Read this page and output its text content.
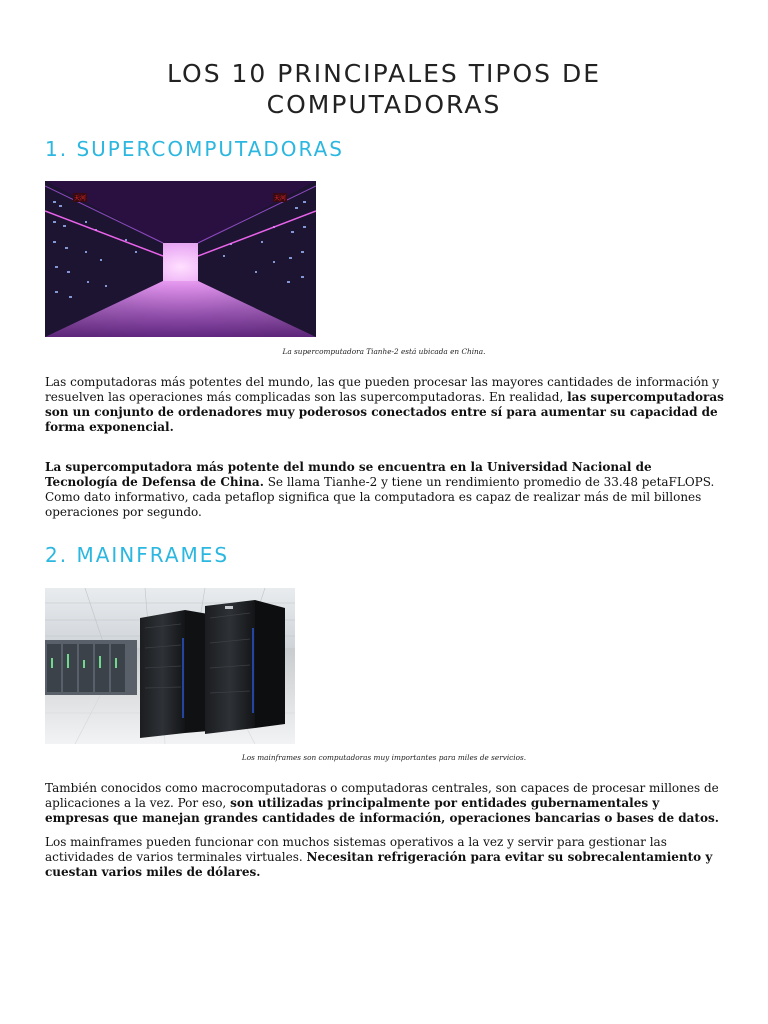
LOS 10 PRINCIPALES TIPOS DE
COMPUTADORAS
1. SUPERCOMPUTADORAS
天河	天河
La supercomputadora Tianhe-2 está ubicada en China.

Las computadoras más potentes del mundo, las que pueden procesar las mayores cantidades de información y resuelven las operaciones más complicadas son las supercomputadoras. En realidad, las supercomputadoras son un conjunto de ordenadores muy poderosos conectados entre sí para aumentar su capacidad de forma exponencial.

La supercomputadora más potente del mundo se encuentra en la Universidad Nacional de Tecnología de Defensa de China. Se llama Tianhe-2 y tiene un rendimiento promedio de 33.48 petaFLOPS. Como dato informativo, cada petaflop significa que la computadora es capaz de realizar más de mil billones operaciones por segundo.

2. MAINFRAMES
Los mainframes son computadoras muy importantes para miles de servicios.

También conocidos como macrocomputadoras o computadoras centrales, son capaces de procesar millones de aplicaciones a la vez. Por eso, son utilizadas principalmente por entidades gubernamentales y empresas que manejan grandes cantidades de información, operaciones bancarias o bases de datos.

Los mainframes pueden funcionar con muchos sistemas operativos a la vez y servir para gestionar las actividades de varios terminales virtuales. Necesitan refrigeración para evitar su sobrecalentamiento y cuestan varios miles de dólares.
